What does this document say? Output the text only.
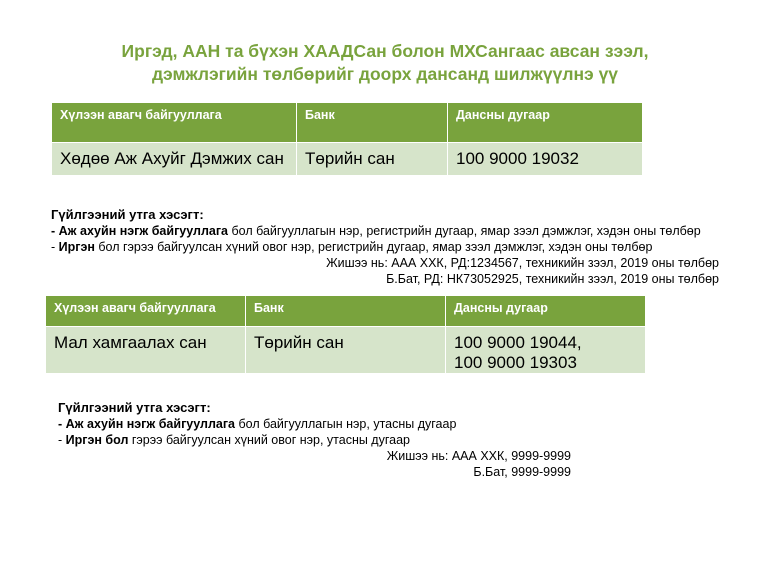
Иргэд, ААН та бүхэн ХААДСан болон МХСангаас авсан зээл,
дэмжлэгийн төлбөрийг доорх дансанд шилжүүлнэ үү
Хүлээн авагч байгууллага	Банк	Дансны дугаар
Хөдөө Аж Ахуйг Дэмжих сан	Төрийн сан	100 9000 19032
Гүйлгээний утга хэсэгт:
- Аж ахуйн нэгж байгууллага бол байгууллагын нэр, регистрийн дугаар, ямар зээл дэмжлэг, хэдэн оны төлбөр
- Иргэн бол гэрээ байгуулсан хүний овог нэр, регистрийн дугаар, ямар зээл дэмжлэг, хэдэн оны төлбөр
Жишээ нь: ААА ХХК, РД:1234567, техникийн зээл, 2019 оны төлбөр
Б.Бат, РД: НК73052925, техникийн зээл, 2019 оны төлбөр
Хүлээн авагч байгууллага	Банк	Дансны дугаар
Мал хамгаалах сан	Төрийн сан	100 9000 19044,
100 9000 19303
Гүйлгээний утга хэсэгт:
- Аж ахуйн нэгж байгууллага бол байгууллагын нэр, утасны дугаар
- Иргэн бол гэрээ байгуулсан хүний овог нэр, утасны дугаар
Жишээ нь: ААА ХХК, 9999-9999
Б.Бат, 9999-9999
